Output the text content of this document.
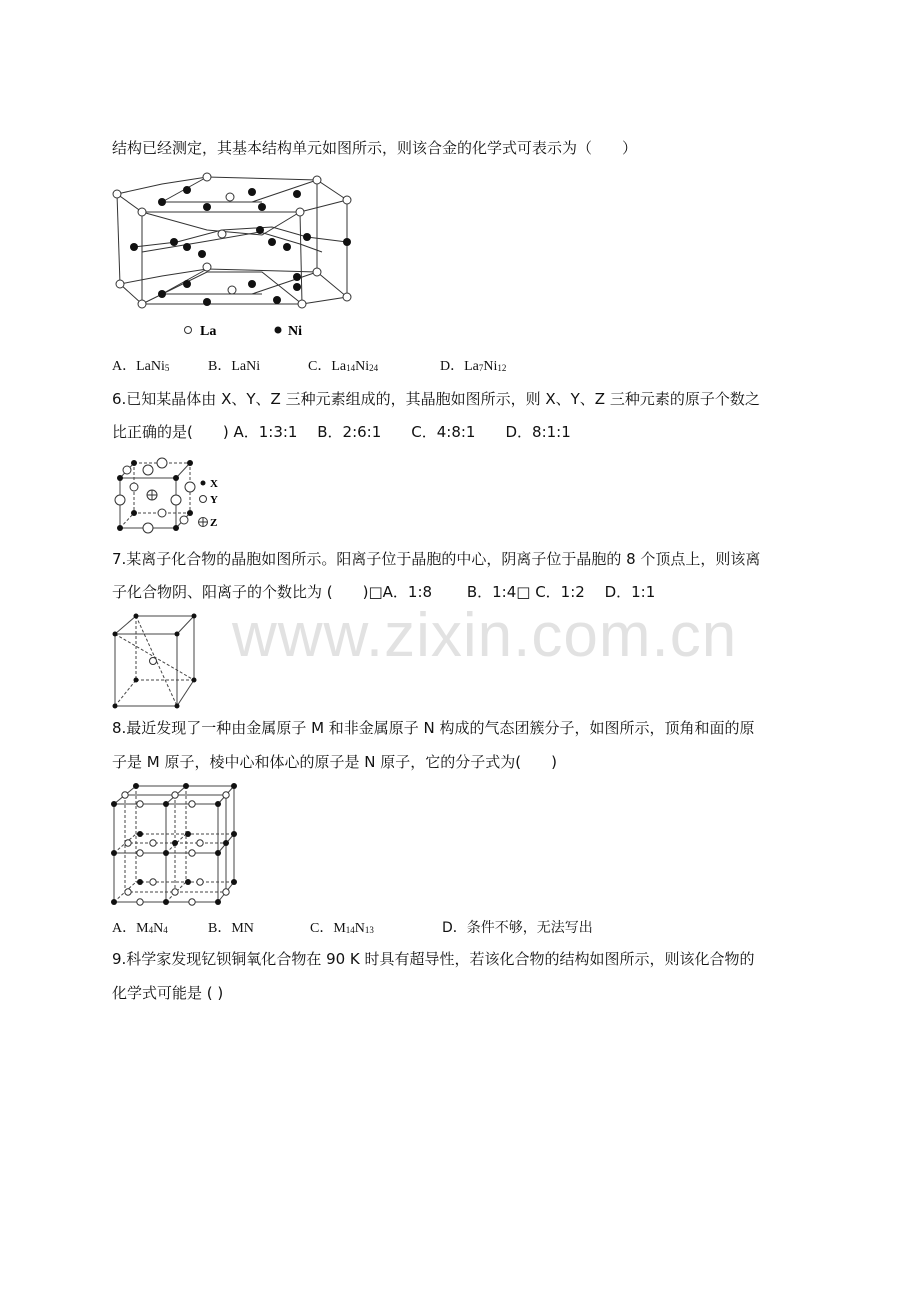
www.zixin.com.cn
结构已经测定，其基本结构单元如图所示，则该合金的化学式可表示为（　　）
La	Ni
A．LaNi$_5$	B．LaNi	C．$La_{14}Ni_{24}$	D．$La_7Ni_{12}$
6.已知某晶体由 X、Y、Z 三种元素组成的，其晶胞如图所示，则 X、Y、Z 三种元素的原子个数之
比正确的是(　　) A．1:3:1　 B．2:6:1　　C．4:8:1　　D．8:1:1
X
Y
Z
7.某离子化合物的晶胞如图所示。阳离子位于晶胞的中心，阴离子位于晶胞的 8 个顶点上，则该离
子化合物阴、阳离子的个数比为 (　　)□A．1:8　　 B．1:4□ C．1:2　 D．1:1
8.最近发现了一种由金属原子 M 和非金属原子 N 构成的气态团簇分子，如图所示，顶角和面的原
子是 M 原子，棱中心和体心的原子是 N 原子，它的分子式为(　　)
A．$M_4N_4$	B．MN	C．$M_{14}N_{13}$	D．条件不够，无法写出
9.科学家发现钇钡铜氧化合物在 90 K 时具有超导性，若该化合物的结构如图所示，则该化合物的
化学式可能是 ( )
